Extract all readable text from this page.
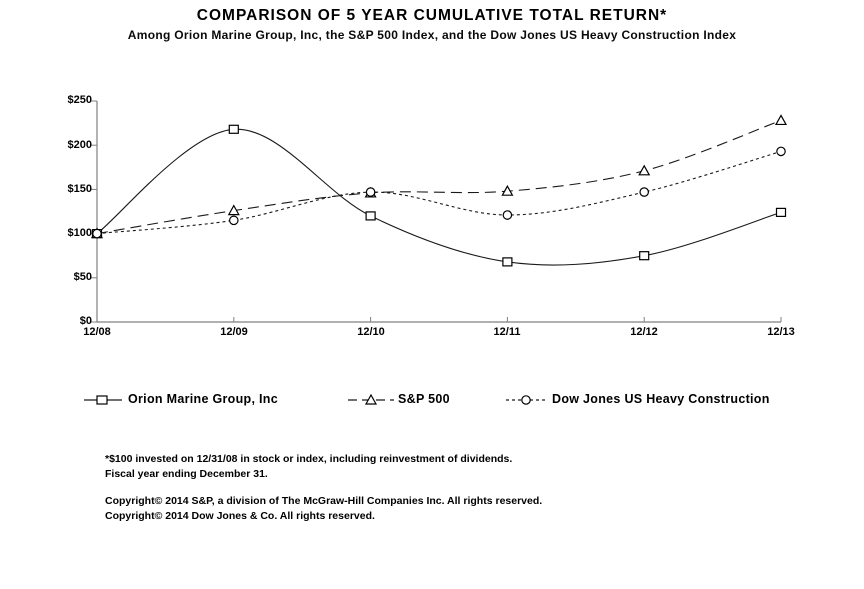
COMPARISON OF 5 YEAR CUMULATIVE TOTAL RETURN*
Among Orion Marine Group, Inc, the S&P 500 Index, and the Dow Jones US Heavy Construction Index
$250
$200
$150
$100
$50
$0
12/08	12/09	12/10	12/11	12/12	12/13
Orion Marine Group, Inc	S&P 500	Dow Jones US Heavy Construction
*$100 invested on 12/31/08 in stock or index, including reinvestment of dividends.
Fiscal year ending December 31.
Copyright© 2014 S&P, a division of The McGraw-Hill Companies Inc. All rights reserved.
Copyright© 2014 Dow Jones & Co. All rights reserved.
